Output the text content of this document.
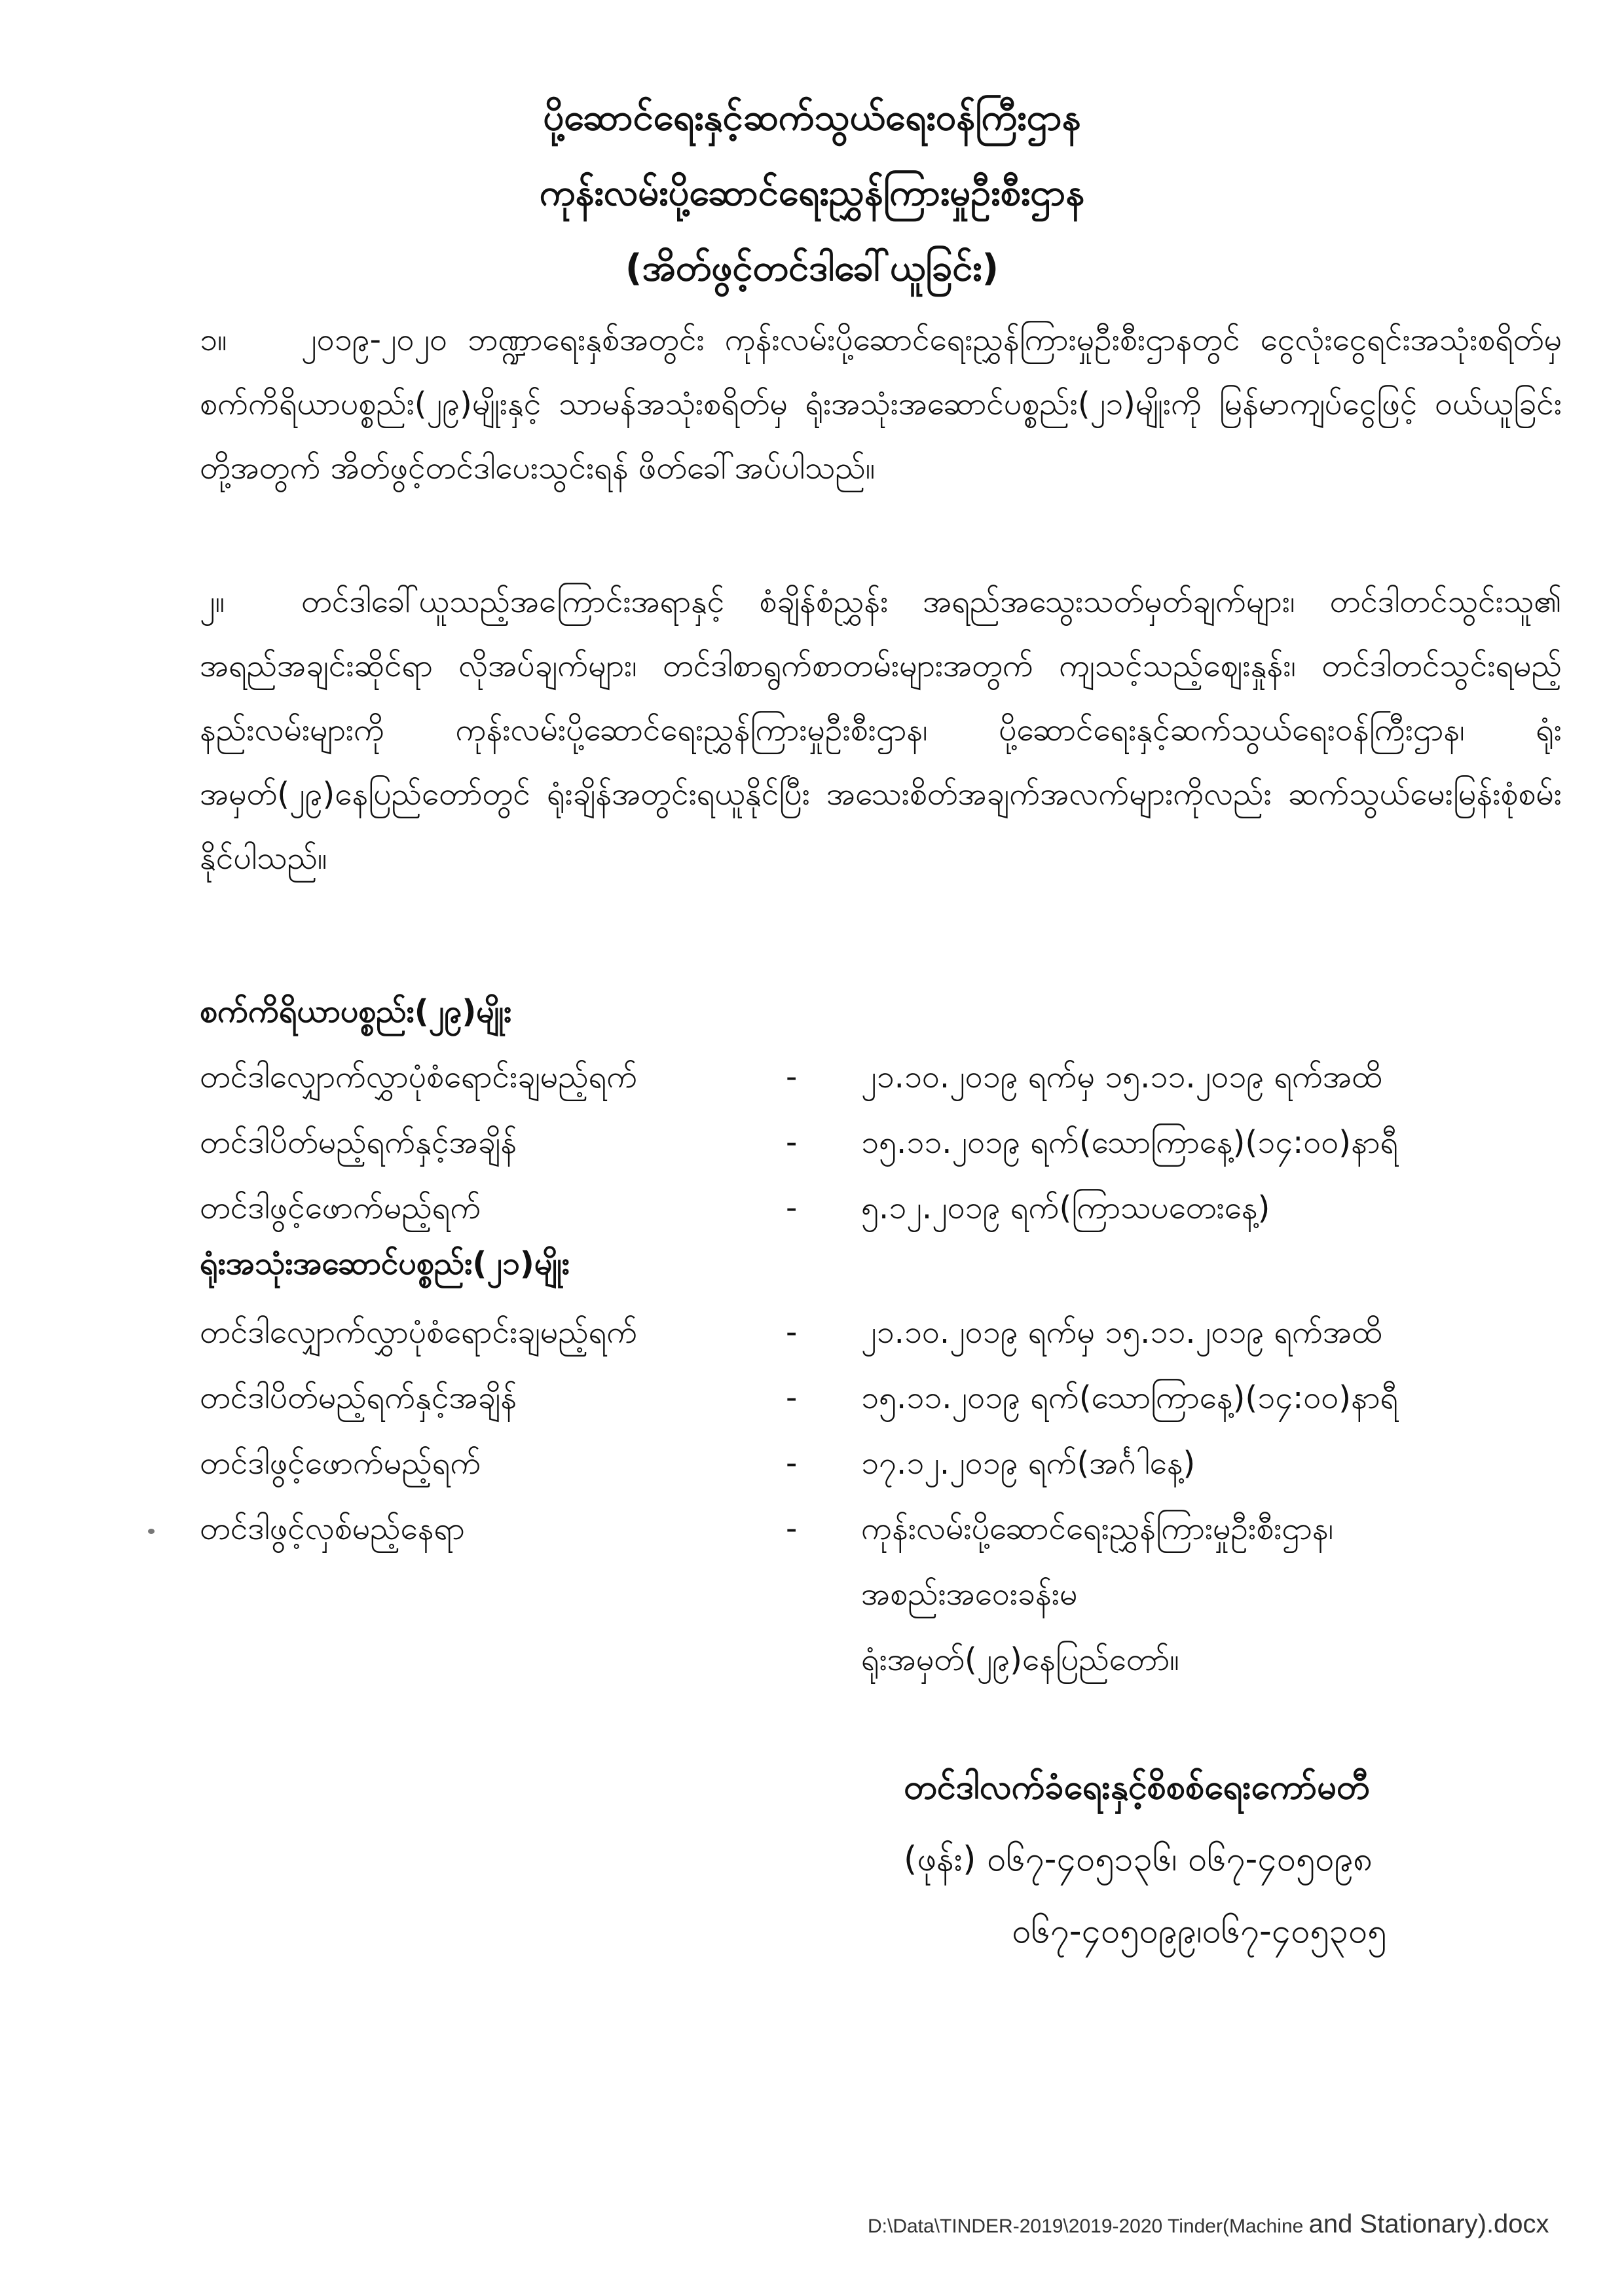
ပို့ဆောင်ရေးနှင့်ဆက်သွယ်ရေးဝန်ကြီးဌာန
ကုန်းလမ်းပို့ဆောင်ရေးညွှန်ကြားမှုဦးစီးဌာန
(အိတ်ဖွင့်တင်ဒါခေါ်ယူခြင်း)
၁။ ၂၀၁၉-၂၀၂၀ ဘဏ္ဍာရေးနှစ်အတွင်း ကုန်းလမ်းပို့ဆောင်ရေးညွှန်ကြားမှုဦးစီးဌာနတွင် ငွေလုံးငွေရင်းအသုံးစရိတ်မှ စက်ကိရိယာပစ္စည်း(၂၉)မျိုးနှင့် သာမန်အသုံးစရိတ်မှ ရုံးအသုံးအဆောင်ပစ္စည်း(၂၁)မျိုးကို မြန်မာကျပ်ငွေဖြင့် ဝယ်ယူခြင်းတို့အတွက် အိတ်ဖွင့်တင်ဒါပေးသွင်းရန် ဖိတ်ခေါ်အပ်ပါသည်။
၂။ တင်ဒါခေါ်ယူသည့်အကြောင်းအရာနှင့် စံချိန်စံညွှန်း အရည်အသွေးသတ်မှတ်ချက်များ၊ တင်ဒါတင်သွင်းသူ၏ အရည်အချင်းဆိုင်ရာ လိုအပ်ချက်များ၊ တင်ဒါစာရွက်စာတမ်းများအတွက် ကျသင့်သည့်ဈေးနှုန်း၊ တင်ဒါတင်သွင်းရမည့် နည်းလမ်းများကို ကုန်းလမ်းပို့ဆောင်ရေးညွှန်ကြားမှုဦးစီးဌာန၊ ပို့ဆောင်ရေးနှင့်ဆက်သွယ်ရေးဝန်ကြီးဌာန၊ ရုံးအမှတ်(၂၉)နေပြည်တော်တွင် ရုံးချိန်အတွင်းရယူနိုင်ပြီး အသေးစိတ်အချက်အလက်များကိုလည်း ဆက်သွယ်မေးမြန်းစုံစမ်းနိုင်ပါသည်။
စက်ကိရိယာပစ္စည်း(၂၉)မျိုး
တင်ဒါလျှောက်လွှာပုံစံရောင်းချမည့်ရက်	- ၂၁.၁၀.၂၀၁၉ ရက်မှ ၁၅.၁၁.၂၀၁၉ ရက်အထိ
တင်ဒါပိတ်မည့်ရက်နှင့်အချိန်	- ၁၅.၁၁.၂၀၁၉ ရက်(သောကြာနေ့)(၁၄:၀၀)နာရီ
တင်ဒါဖွင့်ဖောက်မည့်ရက်	- ၅.၁၂.၂၀၁၉ ရက်(ကြာသပတေးနေ့)
ရုံးအသုံးအဆောင်ပစ္စည်း(၂၁)မျိုး
တင်ဒါလျှောက်လွှာပုံစံရောင်းချမည့်ရက်	- ၂၁.၁၀.၂၀၁၉ ရက်မှ ၁၅.၁၁.၂၀၁၉ ရက်အထိ
တင်ဒါပိတ်မည့်ရက်နှင့်အချိန်	- ၁၅.၁၁.၂၀၁၉ ရက်(သောကြာနေ့)(၁၄:၀၀)နာရီ
တင်ဒါဖွင့်ဖောက်မည့်ရက်	- ၁၇.၁၂.၂၀၁၉ ရက်(အင်္ဂါနေ့)
တင်ဒါဖွင့်လှစ်မည့်နေရာ	- ကုန်းလမ်းပို့ဆောင်ရေးညွှန်ကြားမှုဦးစီးဌာန၊
အစည်းအဝေးခန်းမ
ရုံးအမှတ်(၂၉)နေပြည်တော်။
တင်ဒါလက်ခံရေးနှင့်စိစစ်ရေးကော်မတီ
(ဖုန်း) ၀၆၇-၄၀၅၁၃၆၊ ၀၆၇-၄၀၅၀၉၈
၀၆၇-၄၀၅၀၉၉၊၀၆၇-၄၀၅၃၀၅
D:\Data\TINDER-2019\2019-2020 Tinder(Machine and Stationary).docx
